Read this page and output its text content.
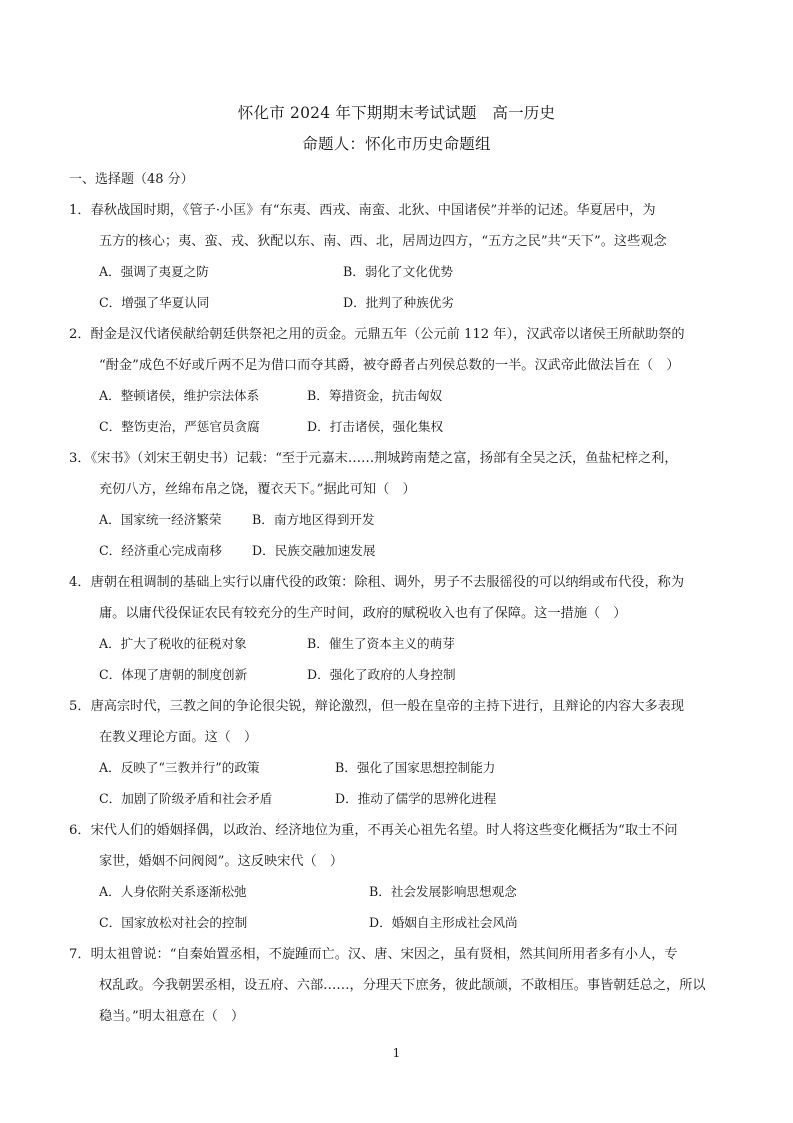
怀化市 2024 年下期期末考试试题　高一历史
命题人：怀化市历史命题组
一、选择题（48 分）
1．春秋战国时期，《管子·小匡》有“东夷、西戎、南蛮、北狄、中国诸侯”并举的记述。华夏居中，为
五方的核心；夷、蛮、戎、狄配以东、南、西、北，居周边四方，“五方之民”共“天下”。这些观念
A．强调了夷夏之防	B．弱化了文化优势
C．增强了华夏认同	D．批判了种族优劣
2．酎金是汉代诸侯献给朝廷供祭祀之用的贡金。元鼎五年（公元前 112 年），汉武帝以诸侯王所献助祭的
“酎金”成色不好或斤两不足为借口而夺其爵，被夺爵者占列侯总数的一半。汉武帝此做法旨在（　）
A．整顿诸侯，维护宗法体系	B．筹措资金，抗击匈奴
C．整饬吏治，严惩官员贪腐	D．打击诸侯，强化集权
3．《宋书》（刘宋王朝史书）记载：“至于元嘉末……荆城跨南楚之富，扬部有全吴之沃，鱼盐杞梓之利，
充仞八方，丝绵布帛之饶，覆衣天下。”据此可知（　）
A．国家统一经济繁荣 B．南方地区得到开发
C．经济重心完成南移 D．民族交融加速发展
4．唐朝在租调制的基础上实行以庸代役的政策：除租、调外，男子不去服徭役的可以纳绢或布代役，称为
庸。以庸代役保证农民有较充分的生产时间，政府的赋税收入也有了保障。这一措施（　）
A．扩大了税收的征税对象	B．催生了资本主义的萌芽
C．体现了唐朝的制度创新	D．强化了政府的人身控制
5．唐高宗时代，三教之间的争论很尖锐，辩论激烈，但一般在皇帝的主持下进行，且辩论的内容大多表现
在教义理论方面。这（　）
A．反映了“三教并行”的政策	B．强化了国家思想控制能力
C．加剧了阶级矛盾和社会矛盾	D．推动了儒学的思辨化进程
6．宋代人们的婚姻择偶，以政治、经济地位为重，不再关心祖先名望。时人将这些变化概括为“取士不问
家世，婚姻不问阀阅”。这反映宋代（　）
A．人身依附关系逐渐松弛	B．社会发展影响思想观念
C．国家放松对社会的控制	D．婚姻自主形成社会风尚
7．明太祖曾说：“自秦始置丞相，不旋踵而亡。汉、唐、宋因之，虽有贤相，然其间所用者多有小人，专
权乱政。今我朝罢丞相，设五府、六部……，分理天下庶务，彼此颉颃，不敢相压。事皆朝廷总之，所以
稳当。”明太祖意在（　）
1
